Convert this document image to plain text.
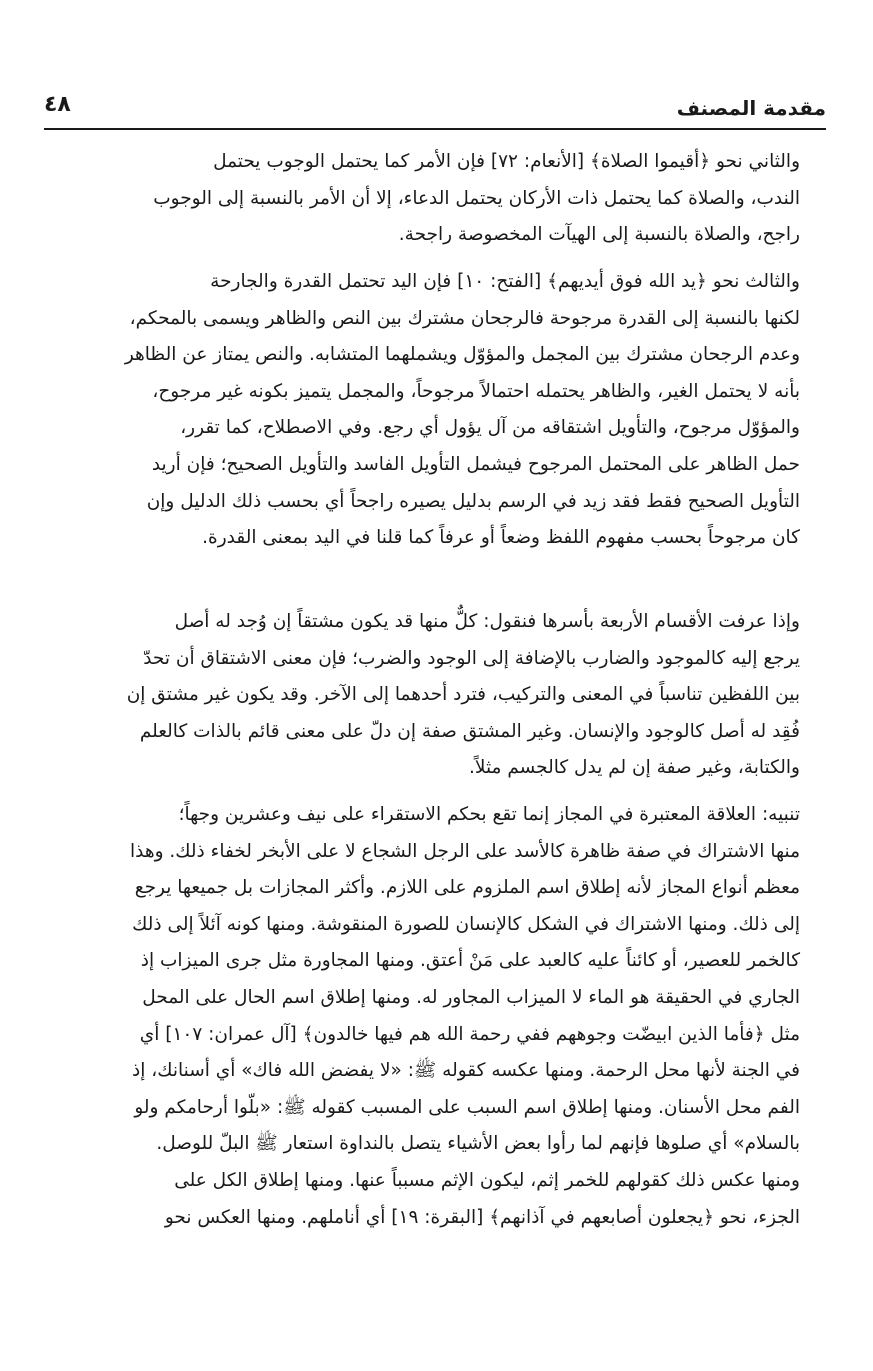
مقدمة المصنف
٤٨

والثاني نحو ﴿أقيموا الصلاة﴾ [الأنعام: ٧٢] فإن الأمر كما يحتمل الوجوب يحتمل
الندب، والصلاة كما يحتمل ذات الأركان يحتمل الدعاء، إلا أن الأمر بالنسبة إلى الوجوب
راجح، والصلاة بالنسبة إلى الهيآت المخصوصة راجحة.

والثالث نحو ﴿يد الله فوق أيديهم﴾ [الفتح: ١٠] فإن اليد تحتمل القدرة والجارحة
لكنها بالنسبة إلى القدرة مرجوحة فالرجحان مشترك بين النص والظاهر ويسمى بالمحكم،
وعدم الرجحان مشترك بين المجمل والمؤوّل ويشملهما المتشابه. والنص يمتاز عن الظاهر
بأنه لا يحتمل الغير، والظاهر يحتمله احتمالاً مرجوحاً، والمجمل يتميز بكونه غير مرجوح،
والمؤوّل مرجوح، والتأويل اشتقاقه من آل يؤول أي رجع. وفي الاصطلاح، كما تقرر،
حمل الظاهر على المحتمل المرجوح فيشمل التأويل الفاسد والتأويل الصحيح؛ فإن أريد
التأويل الصحيح فقط فقد زيد في الرسم بدليل يصيره راجحاً أي بحسب ذلك الدليل وإن
كان مرجوحاً بحسب مفهوم اللفظ وضعاً أو عرفاً كما قلنا في اليد بمعنى القدرة.

وإذا عرفت الأقسام الأربعة بأسرها فنقول: كلٌّ منها قد يكون مشتقاً إن وُجد له أصل
يرجع إليه كالموجود والضارب بالإضافة إلى الوجود والضرب؛ فإن معنى الاشتقاق أن تحدّ
بين اللفظين تناسباً في المعنى والتركيب، فترد أحدهما إلى الآخر. وقد يكون غير مشتق إن
فُقِد له أصل كالوجود والإنسان. وغير المشتق صفة إن دلّ على معنى قائم بالذات كالعلم
والكتابة، وغير صفة إن لم يدل كالجسم مثلاً.

تنبيه: العلاقة المعتبرة في المجاز إنما تقع بحكم الاستقراء على نيف وعشرين وجهاً؛
منها الاشتراك في صفة ظاهرة كالأسد على الرجل الشجاع لا على الأبخر لخفاء ذلك. وهذا
معظم أنواع المجاز لأنه إطلاق اسم الملزوم على اللازم. وأكثر المجازات بل جميعها يرجع
إلى ذلك. ومنها الاشتراك في الشكل كالإنسان للصورة المنقوشة. ومنها كونه آئلاً إلى ذلك
كالخمر للعصير، أو كائناً عليه كالعبد على مَنْ أعتق. ومنها المجاورة مثل جرى الميزاب إذ
الجاري في الحقيقة هو الماء لا الميزاب المجاور له. ومنها إطلاق اسم الحال على المحل
مثل ﴿فأما الذين ابيضّت وجوههم ففي رحمة الله هم فيها خالدون﴾ [آل عمران: ١٠٧] أي
في الجنة لأنها محل الرحمة. ومنها عكسه كقوله ﷺ: «لا يفضض الله فاك» أي أسنانك، إذ
الفم محل الأسنان. ومنها إطلاق اسم السبب على المسبب كقوله ﷺ: «بلّوا أرحامكم ولو
بالسلام» أي صلوها فإنهم لما رأوا بعض الأشياء يتصل بالنداوة استعار ﷺ البلّ للوصل.
ومنها عكس ذلك كقولهم للخمر إثم، ليكون الإثم مسبباً عنها. ومنها إطلاق الكل على
الجزء، نحو ﴿يجعلون أصابعهم في آذانهم﴾ [البقرة: ١٩] أي أناملهم. ومنها العكس نحو
